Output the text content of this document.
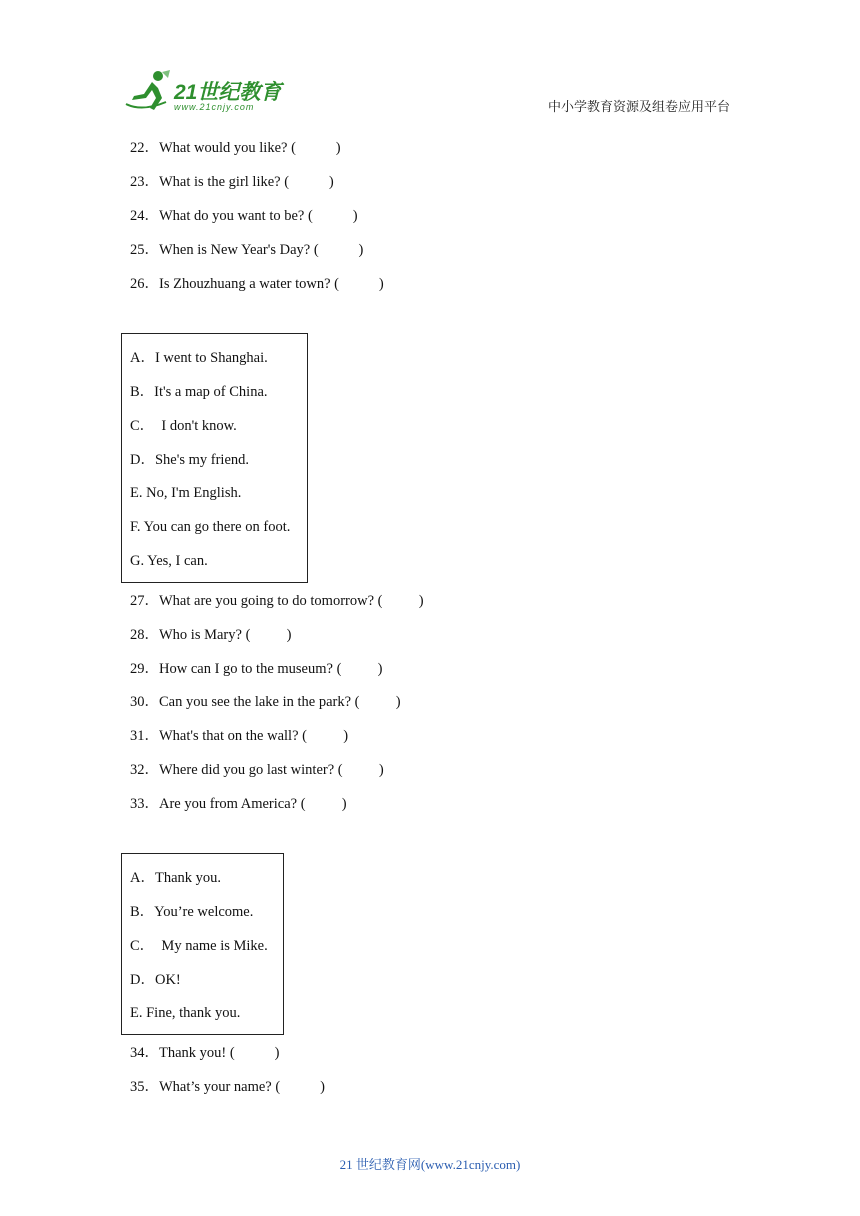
21世纪教育
www.21cnjy.com	中小学教育资源及组卷应用平台
22．What would you like? (           )
23．What is the girl like? (           )
24．What do you want to be? (           )
25．When is New Year's Day? (           )
26．Is Zhouzhuang a water town? (           )
A．I went to Shanghai.
B．It's a map of China.
C．  I don't know.
D．She's my friend.
E. No, I'm English.
F. You can go there on foot.
G. Yes, I can.
27．What are you going to do tomorrow? (          )
28．Who is Mary? (          )
29．How can I go to the museum? (          )
30．Can you see the lake in the park? (          )
31．What's that on the wall? (          )
32．Where did you go last winter? (          )
33．Are you from America? (          )
A．Thank you.
B．You’re welcome.
C．  My name is Mike.
D．OK!
E. Fine, thank you.
34．Thank you! (           )
35．What’s your name? (           )
21 世纪教育网(www.21cnjy.com)
